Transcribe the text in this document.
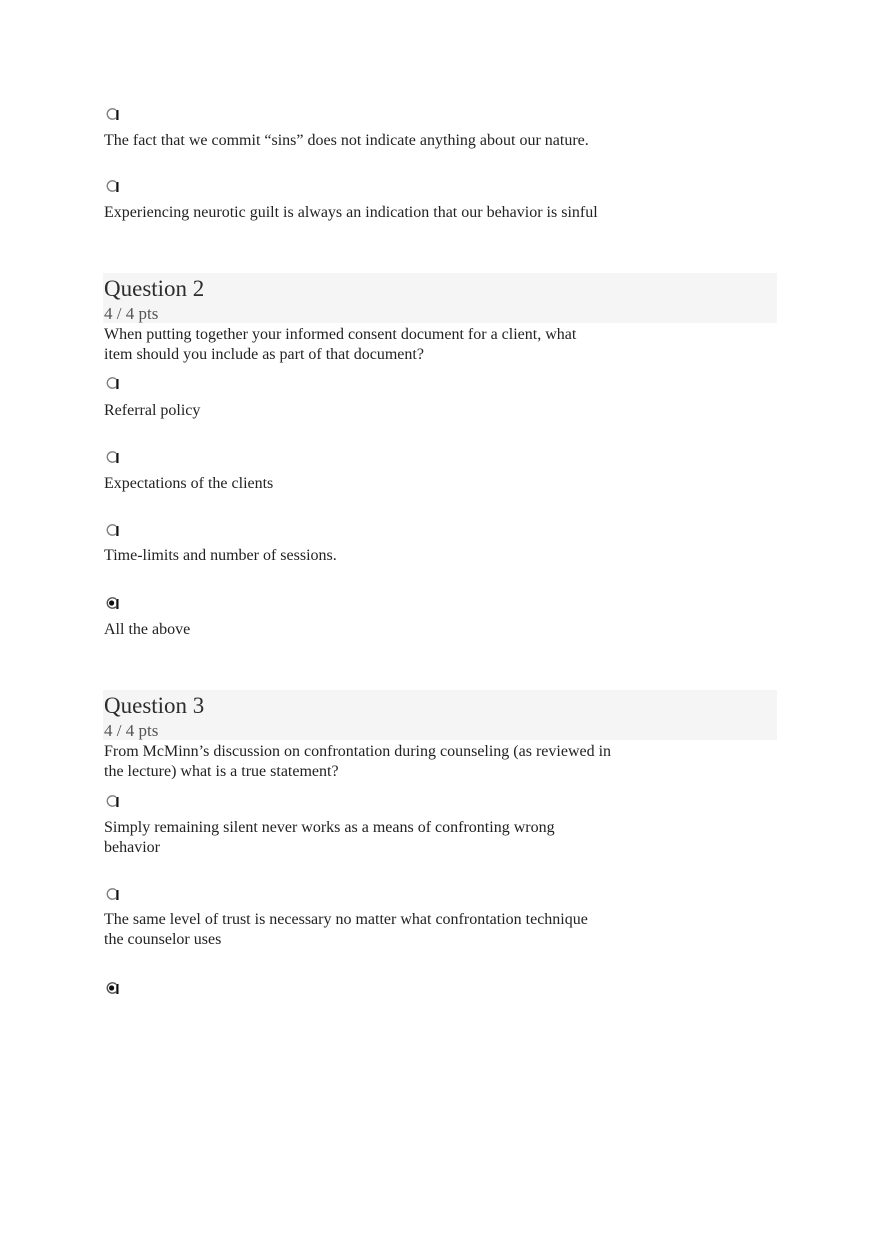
The fact that we commit “sins” does not indicate anything about our nature.
Experiencing neurotic guilt is always an indication that our behavior is sinful
Question 2
4 / 4 pts
When putting together your informed consent document for a client, what
item should you include as part of that document?
Referral policy
Expectations of the clients
Time-limits and number of sessions.
All the above
Question 3
4 / 4 pts
From McMinn’s discussion on confrontation during counseling (as reviewed in
the lecture) what is a true statement?
Simply remaining silent never works as a means of confronting wrong
behavior
The same level of trust is necessary no matter what confrontation technique
the counselor uses
